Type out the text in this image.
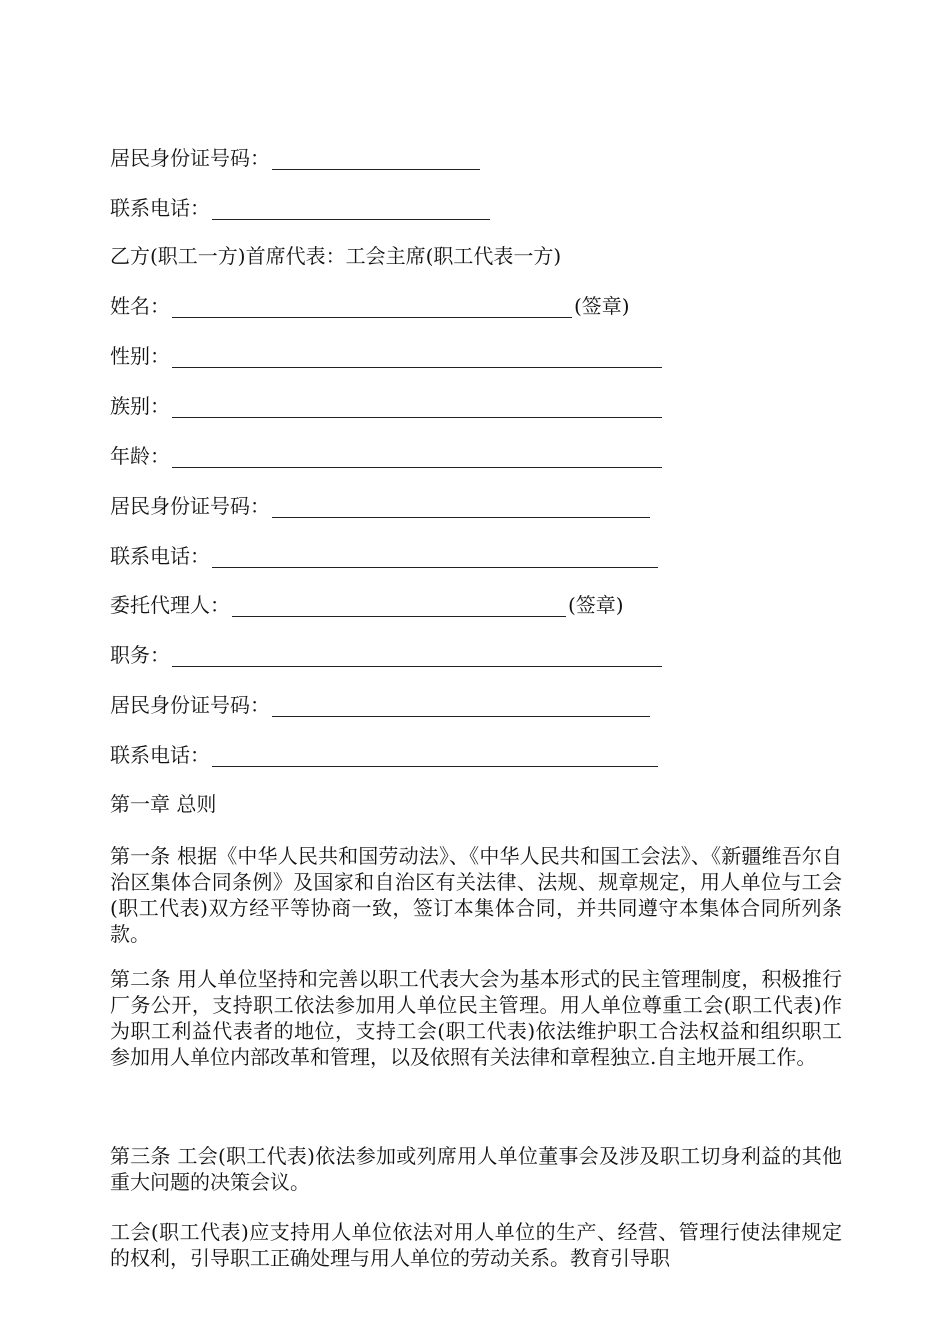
居民身份证号码：
联系电话：
乙方(职工一方)首席代表：工会主席(职工代表一方)
姓名：	(签章)
性别：
族别：
年龄：
居民身份证号码：
联系电话：
委托代理人：	(签章)
职务：
居民身份证号码：
联系电话：
第一章 总则
第一条 根据《中华人民共和国劳动法》、《中华人民共和国工会法》、《新疆维吾尔自治区集体合同条例》及国家和自治区有关法律、法规、规章规定，用人单位与工会(职工代表)双方经平等协商一致，签订本集体合同，并共同遵守本集体合同所列条款。
第二条 用人单位坚持和完善以职工代表大会为基本形式的民主管理制度，积极推行厂务公开，支持职工依法参加用人单位民主管理。用人单位尊重工会(职工代表)作为职工利益代表者的地位，支持工会(职工代表)依法维护职工合法权益和组织职工参加用人单位内部改革和管理，以及依照有关法律和章程独立.自主地开展工作。
第三条 工会(职工代表)依法参加或列席用人单位董事会及涉及职工切身利益的其他重大问题的决策会议。
工会(职工代表)应支持用人单位依法对用人单位的生产、经营、管理行使法律规定的权利，引导职工正确处理与用人单位的劳动关系。教育引导职
